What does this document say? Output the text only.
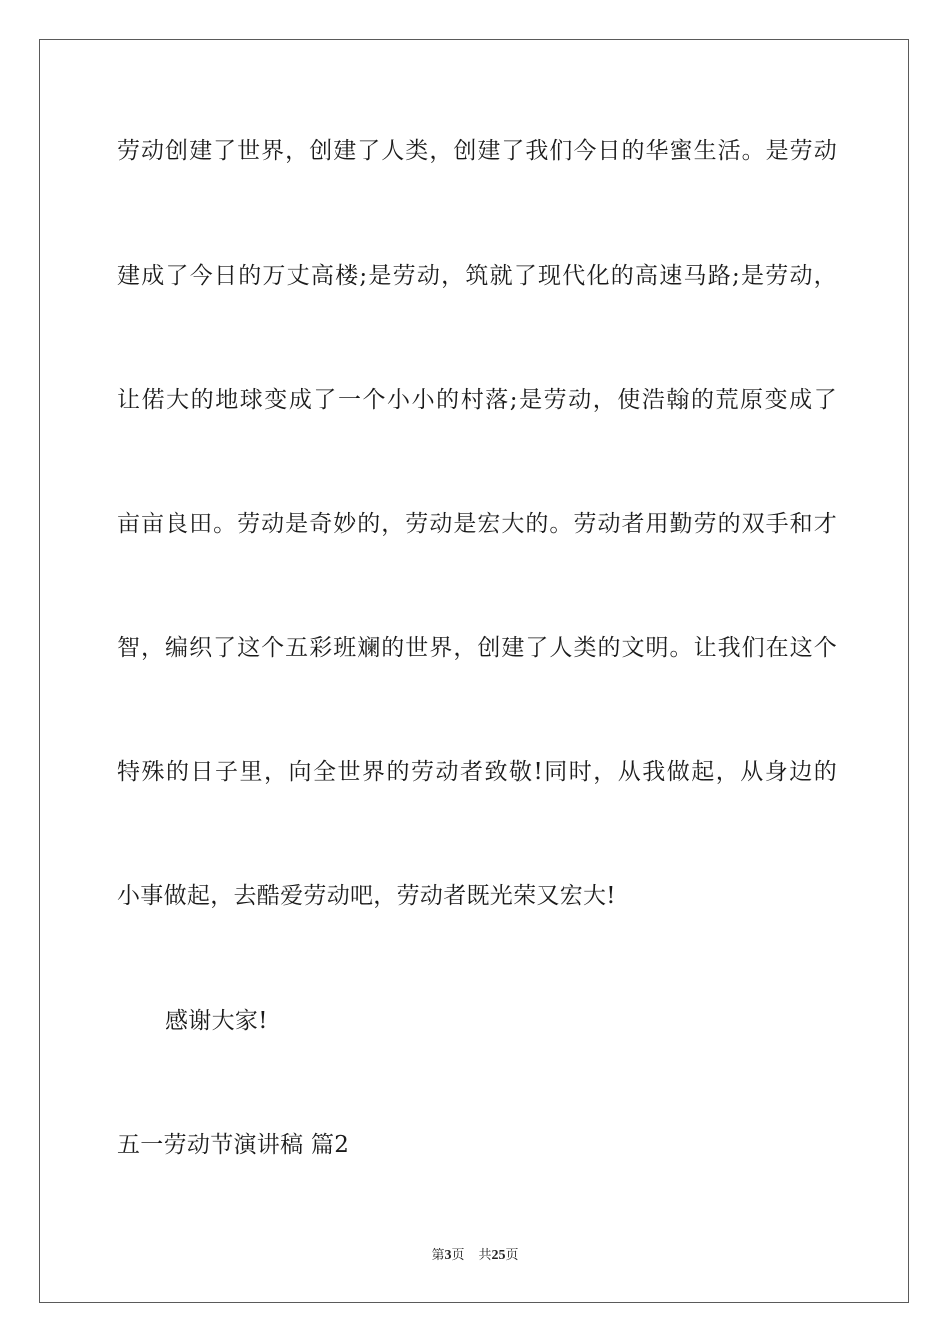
劳动创建了世界，创建了人类，创建了我们今日的华蜜生活。是劳动
建成了今日的万丈高楼;是劳动，筑就了现代化的高速马路;是劳动，
让偌大的地球变成了一个小小的村落;是劳动，使浩翰的荒原变成了
亩亩良田。劳动是奇妙的，劳动是宏大的。劳动者用勤劳的双手和才
智，编织了这个五彩班斓的世界，创建了人类的文明。让我们在这个
特殊的日子里，向全世界的劳动者致敬!同时，从我做起，从身边的
小事做起，去酷爱劳动吧，劳动者既光荣又宏大!
感谢大家!
五一劳动节演讲稿 篇2
第3页 共25页
